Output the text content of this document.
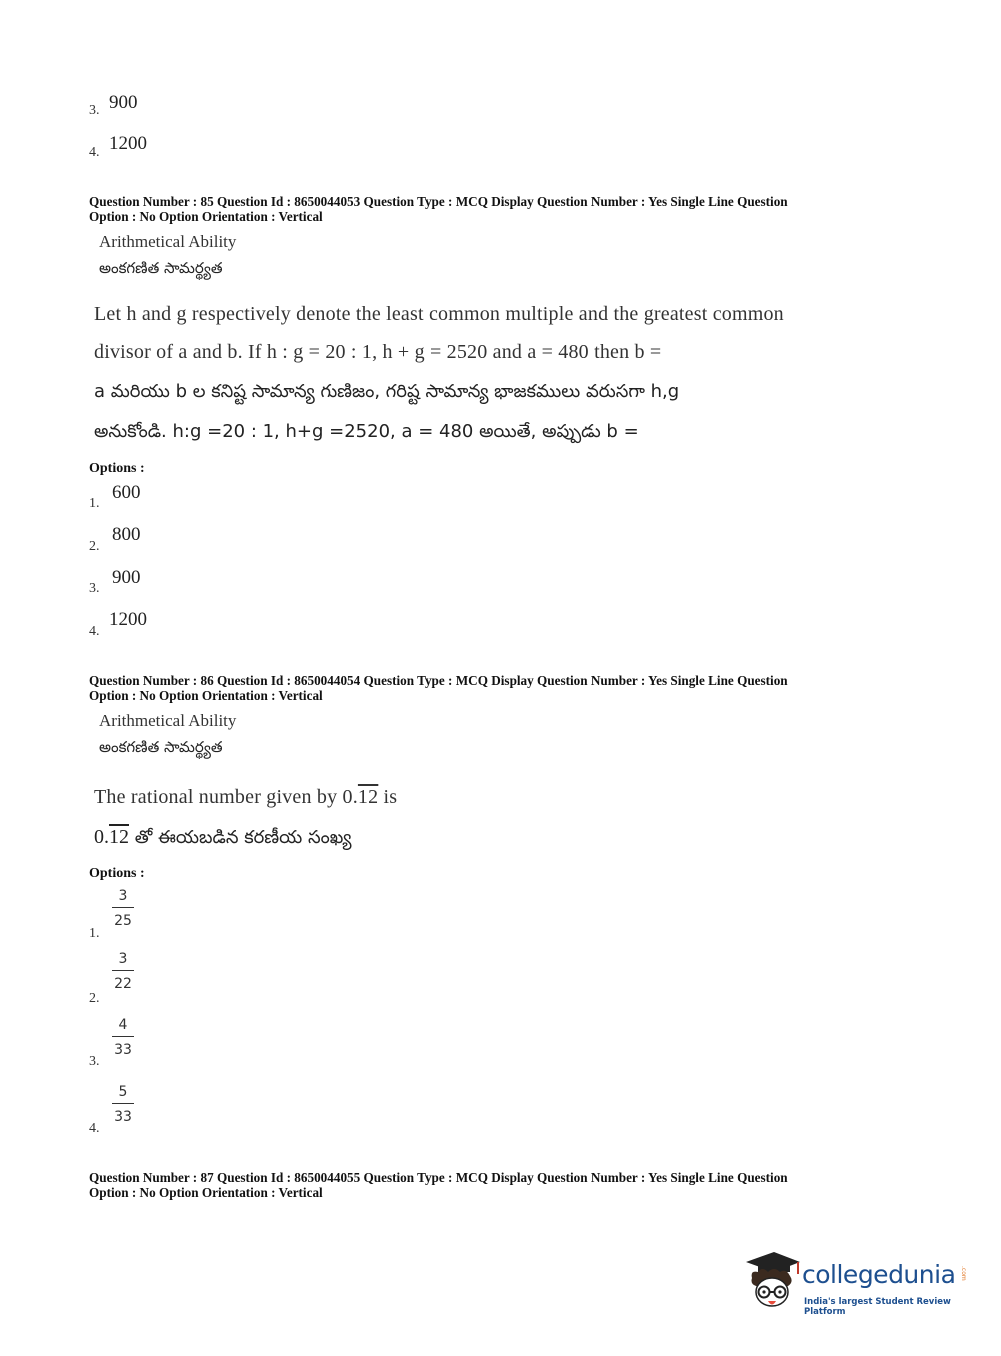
3. 900
4. 1200
Question Number : 85 Question Id : 8650044053 Question Type : MCQ Display Question Number : Yes Single Line Question
Option : No Option Orientation : Vertical
Arithmetical Ability
అంకగణిత సామర్థ్యత
Let h and g respectively denote the least common multiple and the greatest common
divisor of a and b. If h : g = 20 : 1, h + g = 2520 and a = 480 then b =
a మరియు b ల కనిష్ట సామాన్య గుణిజం, గరిష్ట సామాన్య భాజకములు వరుసగా h,g
అనుకోండి. h:g =20 : 1, h+g =2520, a = 480 అయితే, అప్పుడు b =
Options :
1.
600
2.
800
3.
900
4.
1200
Question Number : 86 Question Id : 8650044054 Question Type : MCQ Display Question Number : Yes Single Line Question
Option : No Option Orientation : Vertical
Arithmetical Ability
అంకగణిత సామర్థ్యత
The rational number given by 0.12 is
0.12 తో ఈయబడిన కరణీయ సంఖ్య
Options :
1.
3
25
2.
3
22
3.
4
33
4.
5
33
Question Number : 87 Question Id : 8650044055 Question Type : MCQ Display Question Number : Yes Single Line Question
Option : No Option Orientation : Vertical
collegedunia .com
India's largest Student Review Platform
